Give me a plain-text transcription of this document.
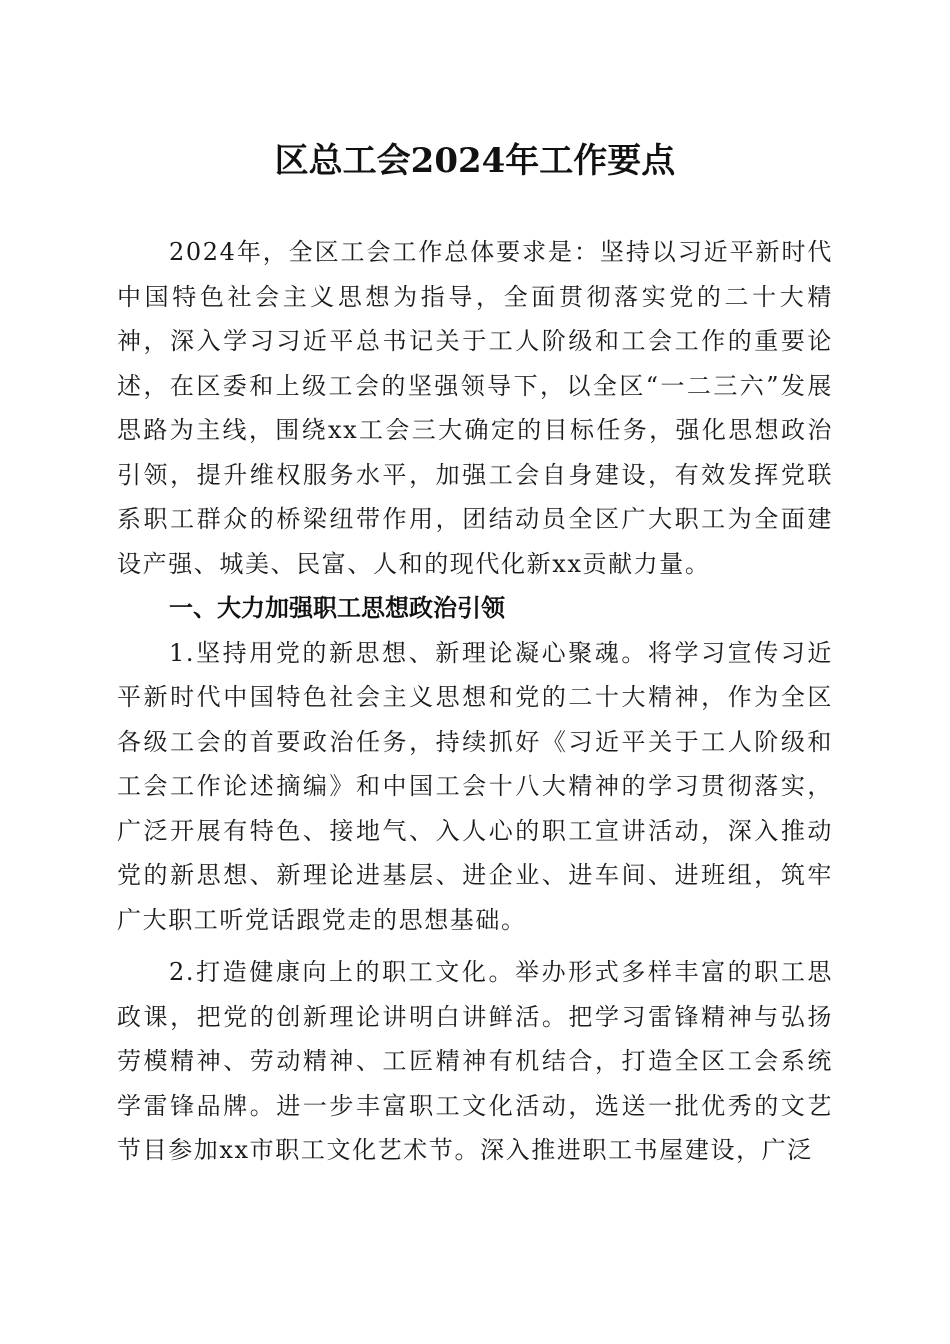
区总工会2024年工作要点

2024年，全区工会工作总体要求是：坚持以习近平新时代中国特色社会主义思想为指导，全面贯彻落实党的二十大精神，深入学习习近平总书记关于工人阶级和工会工作的重要论述，在区委和上级工会的坚强领导下，以全区“一二三六”发展思路为主线，围绕xx工会三大确定的目标任务，强化思想政治引领，提升维权服务水平，加强工会自身建设，有效发挥党联系职工群众的桥梁纽带作用，团结动员全区广大职工为全面建设产强、城美、民富、人和的现代化新xx贡献力量。

一、大力加强职工思想政治引领

1.坚持用党的新思想、新理论凝心聚魂。将学习宣传习近平新时代中国特色社会主义思想和党的二十大精神，作为全区各级工会的首要政治任务，持续抓好《习近平关于工人阶级和工会工作论述摘编》和中国工会十八大精神的学习贯彻落实，广泛开展有特色、接地气、入人心的职工宣讲活动，深入推动党的新思想、新理论进基层、进企业、进车间、进班组，筑牢广大职工听党话跟党走的思想基础。

2.打造健康向上的职工文化。举办形式多样丰富的职工思政课，把党的创新理论讲明白讲鲜活。把学习雷锋精神与弘扬劳模精神、劳动精神、工匠精神有机结合，打造全区工会系统学雷锋品牌。进一步丰富职工文化活动，选送一批优秀的文艺节目参加xx市职工文化艺术节。深入推进职工书屋建设，广泛
